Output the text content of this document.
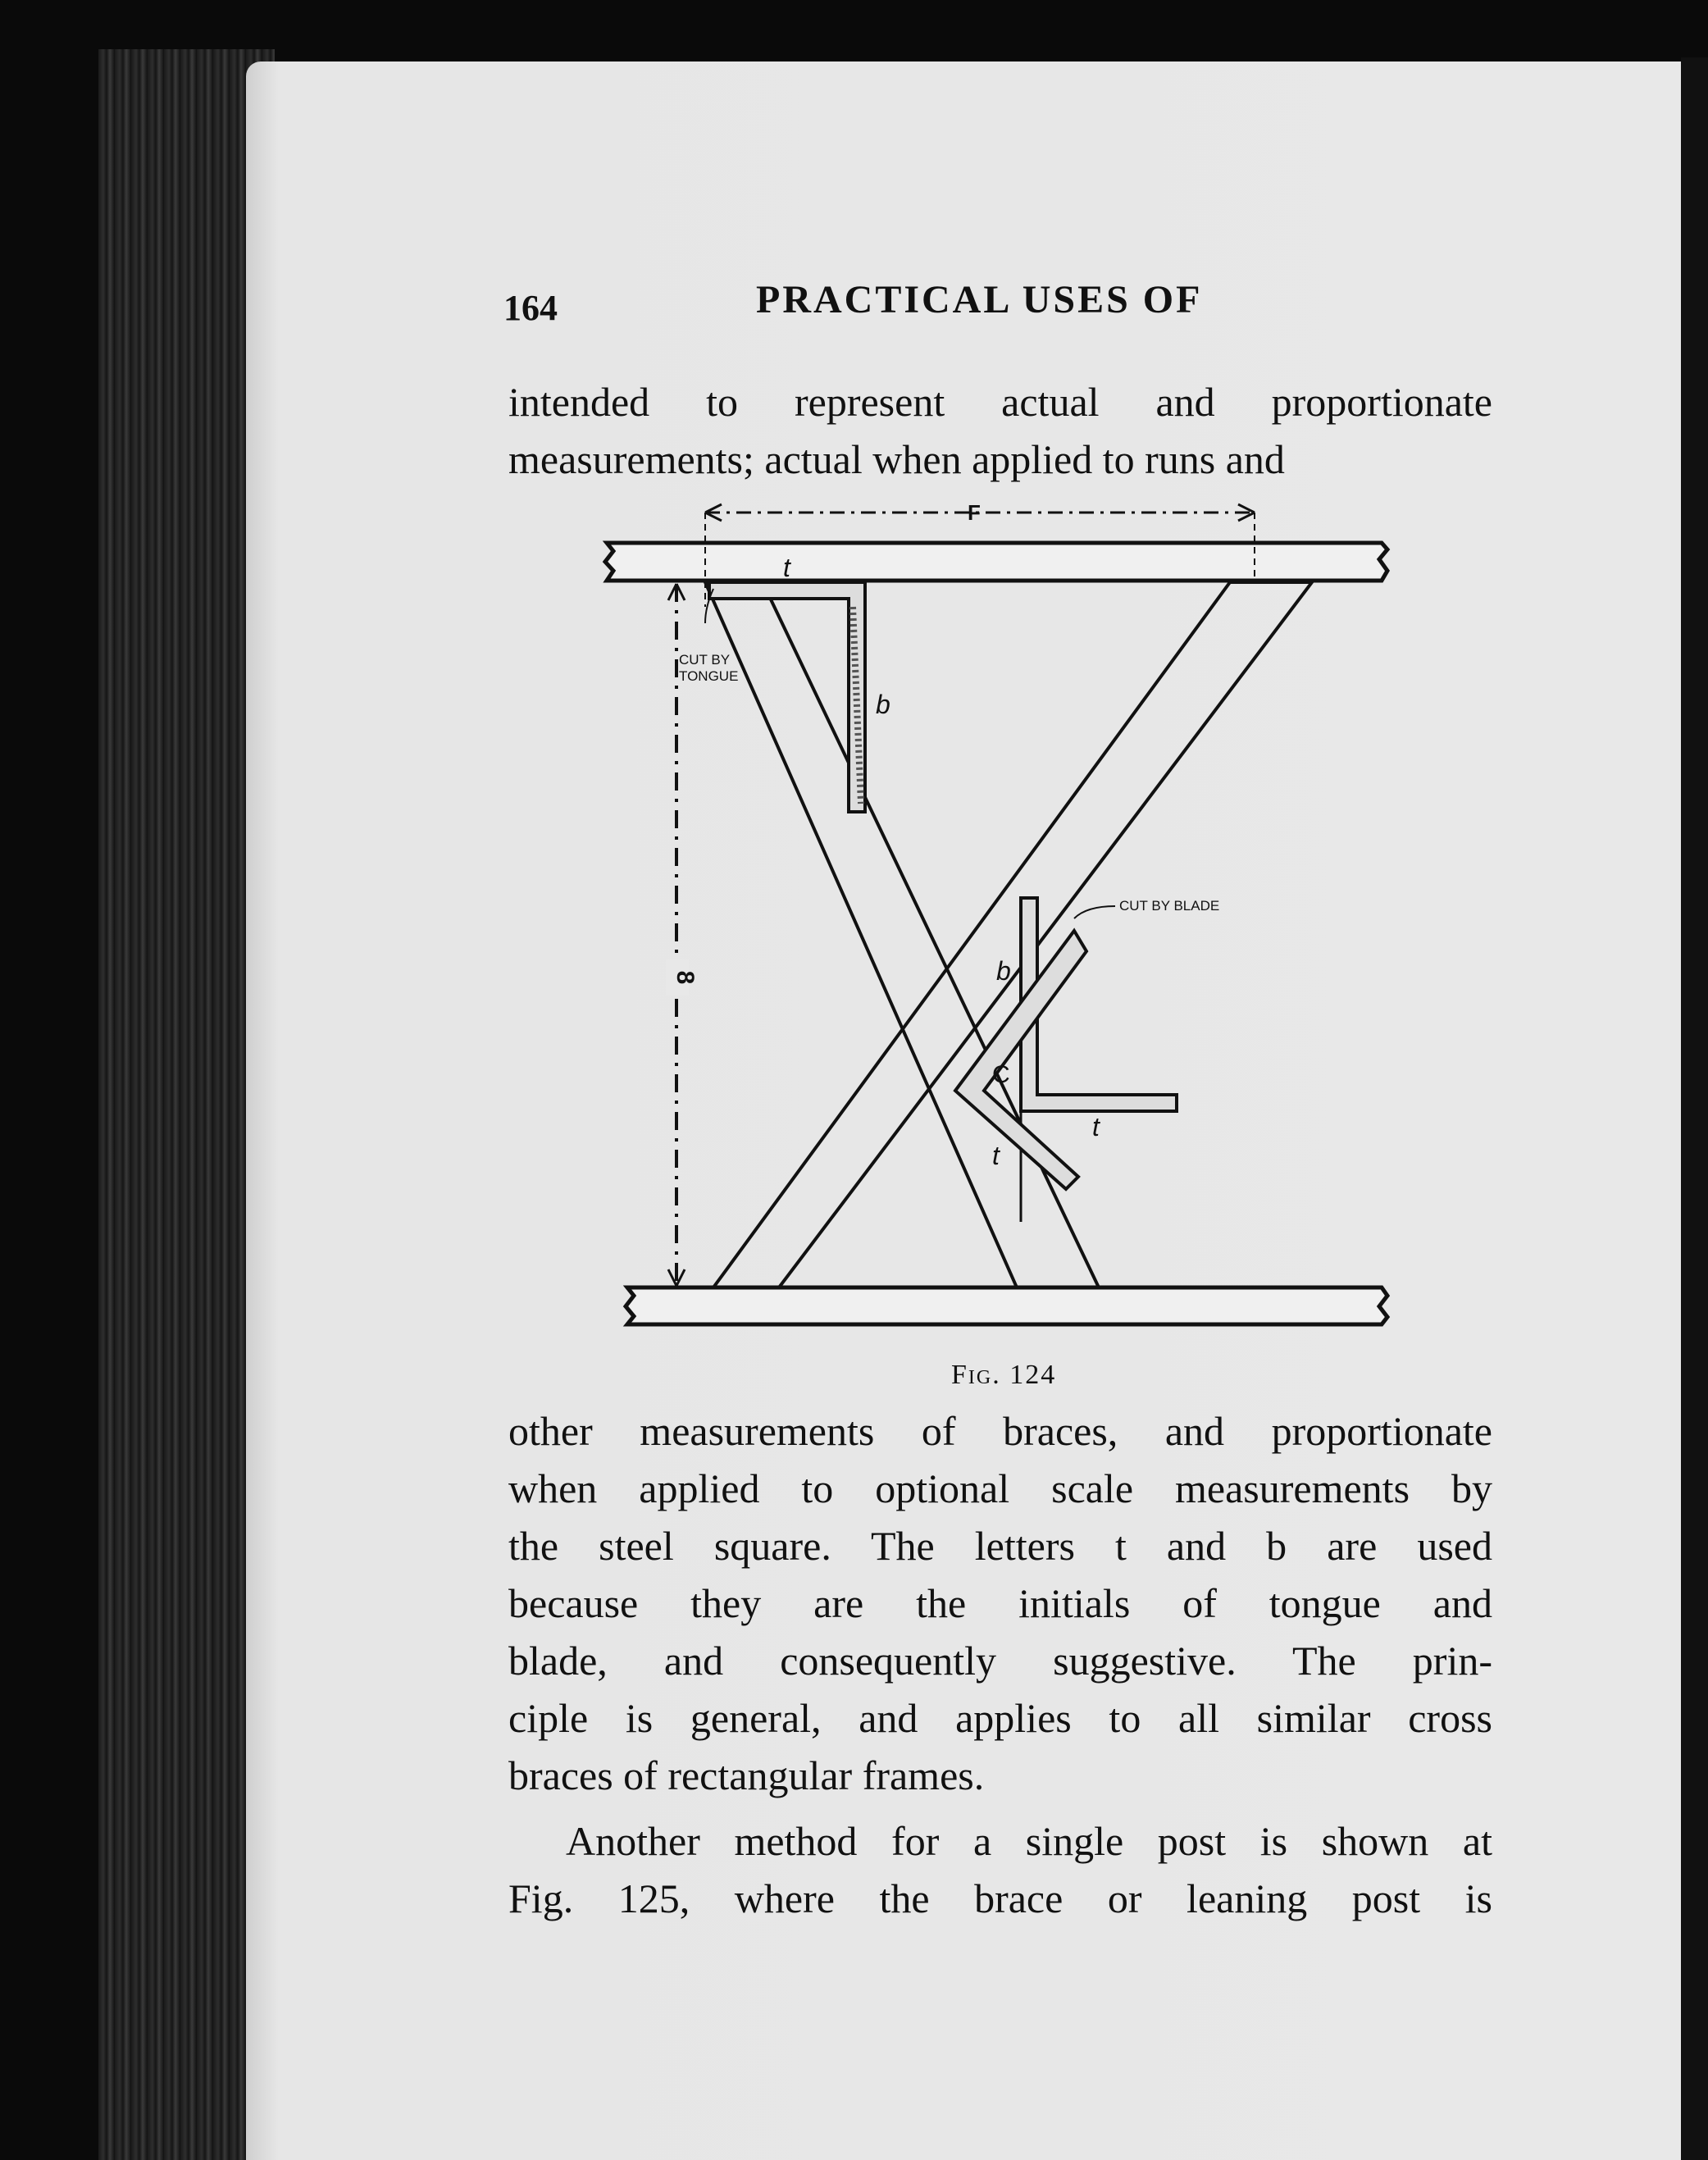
164	PRACTICAL USES OF
intended to represent actual and proportionate
measurements; actual when applied to runs and
F
8
t
b
CUT BY
TONGUE
b
C
t
t
CUT BY BLADE
Fig. 124
other measurements of braces, and proportionate
when applied to optional scale measurements by
the steel square. The letters t and b are used
because they are the initials of tongue and
blade, and consequently suggestive. The prin-
ciple is general, and applies to all similar cross
braces of rectangular frames.
Another method for a single post is shown at
Fig. 125, where the brace or leaning post is
